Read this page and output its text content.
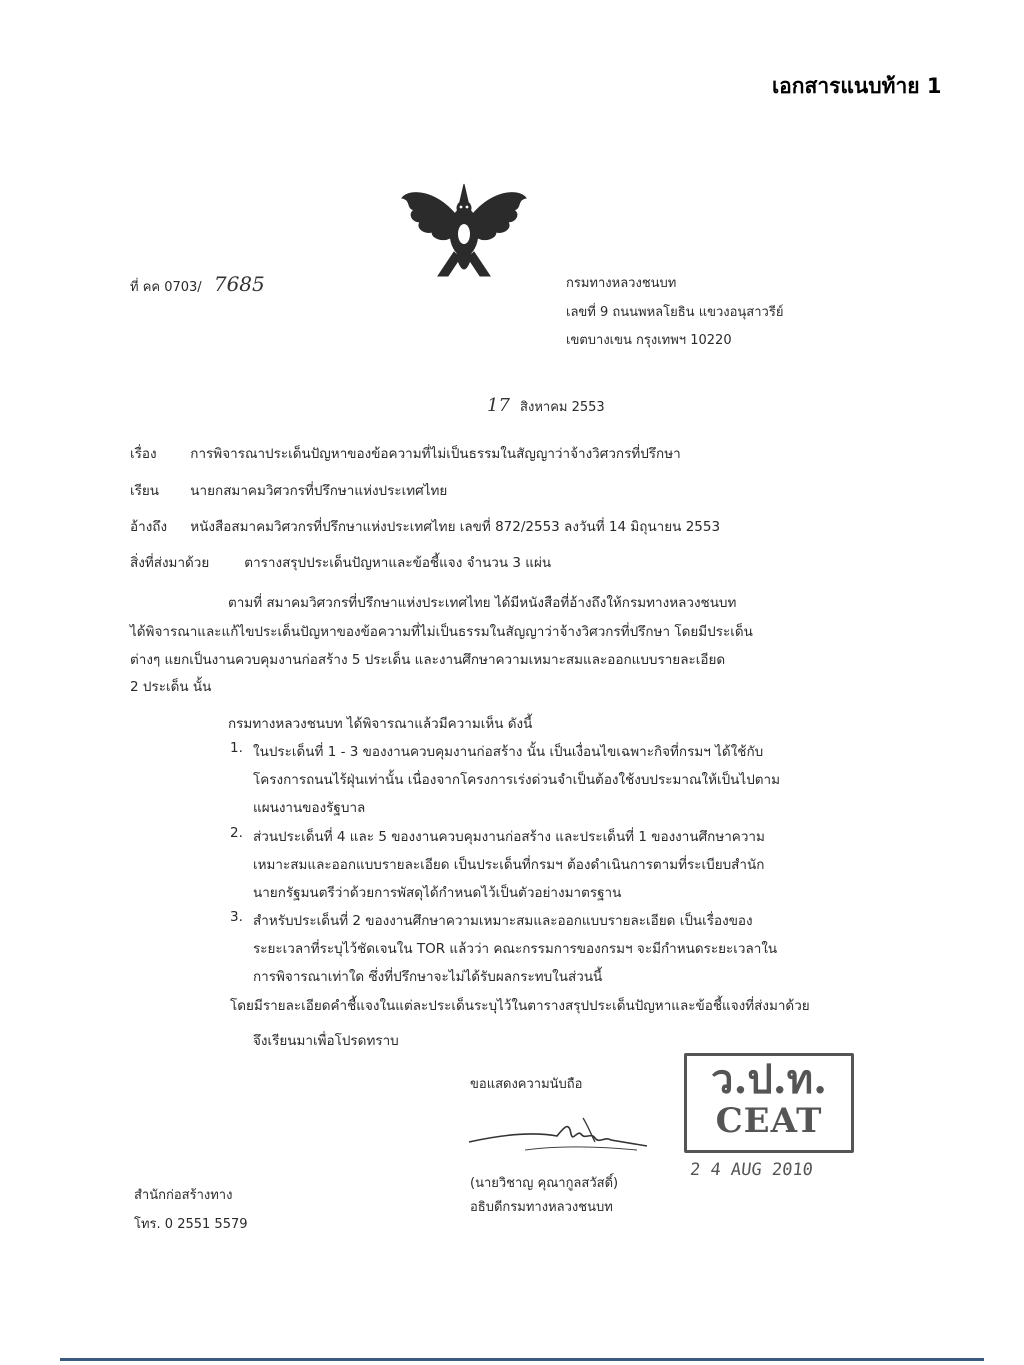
เอกสารแนบท้าย 1
ที่ คค 0703/ 7685	กรมทางหลวงชนบท
เลขที่ 9 ถนนพหลโยธิน แขวงอนุสาวรีย์
เขตบางเขน กรุงเทพฯ 10220
17 สิงหาคม 2553
เรื่อง การพิจารณาประเด็นปัญหาของข้อความที่ไม่เป็นธรรมในสัญญาว่าจ้างวิศวกรที่ปรึกษา
เรียน นายกสมาคมวิศวกรที่ปรึกษาแห่งประเทศไทย
อ้างถึง หนังสือสมาคมวิศวกรที่ปรึกษาแห่งประเทศไทย เลขที่ 872/2553 ลงวันที่ 14 มิถุนายน 2553
สิ่งที่ส่งมาด้วย	ตารางสรุปประเด็นปัญหาและข้อชี้แจง จำนวน 3 แผ่น
ตามที่ สมาคมวิศวกรที่ปรึกษาแห่งประเทศไทย ได้มีหนังสือที่อ้างถึงให้กรมทางหลวงชนบท
ได้พิจารณาและแก้ไขประเด็นปัญหาของข้อความที่ไม่เป็นธรรมในสัญญาว่าจ้างวิศวกรที่ปรึกษา โดยมีประเด็น
ต่างๆ แยกเป็นงานควบคุมงานก่อสร้าง 5 ประเด็น และงานศึกษาความเหมาะสมและออกแบบรายละเอียด
2 ประเด็น นั้น
กรมทางหลวงชนบท ได้พิจารณาแล้วมีความเห็น ดังนี้
1. ในประเด็นที่ 1 - 3 ของงานควบคุมงานก่อสร้าง นั้น เป็นเงื่อนไขเฉพาะกิจที่กรมฯ ได้ใช้กับ
โครงการถนนไร้ฝุ่นเท่านั้น เนื่องจากโครงการเร่งด่วนจำเป็นต้องใช้งบประมาณให้เป็นไปตาม
แผนงานของรัฐบาล
2. ส่วนประเด็นที่ 4 และ 5 ของงานควบคุมงานก่อสร้าง และประเด็นที่ 1 ของงานศึกษาความ
เหมาะสมและออกแบบรายละเอียด เป็นประเด็นที่กรมฯ ต้องดำเนินการตามที่ระเบียบสำนัก
นายกรัฐมนตรีว่าด้วยการพัสดุได้กำหนดไว้เป็นตัวอย่างมาตรฐาน
3. สำหรับประเด็นที่ 2 ของงานศึกษาความเหมาะสมและออกแบบรายละเอียด เป็นเรื่องของ
ระยะเวลาที่ระบุไว้ชัดเจนใน TOR แล้วว่า คณะกรรมการของกรมฯ จะมีกำหนดระยะเวลาใน
การพิจารณาเท่าใด ซึ่งที่ปรึกษาจะไม่ได้รับผลกระทบในส่วนนี้
โดยมีรายละเอียดคำชี้แจงในแต่ละประเด็นระบุไว้ในตารางสรุปประเด็นปัญหาและข้อชี้แจงที่ส่งมาด้วย
จึงเรียนมาเพื่อโปรดทราบ
ขอแสดงความนับถือ
(นายวิชาญ คุณากูลสวัสดิ์)
อธิบดีกรมทางหลวงชนบท
ว.ป.ท.
CEAT
2 4 AUG 2010
สำนักก่อสร้างทาง
โทร. 0 2551 5579
